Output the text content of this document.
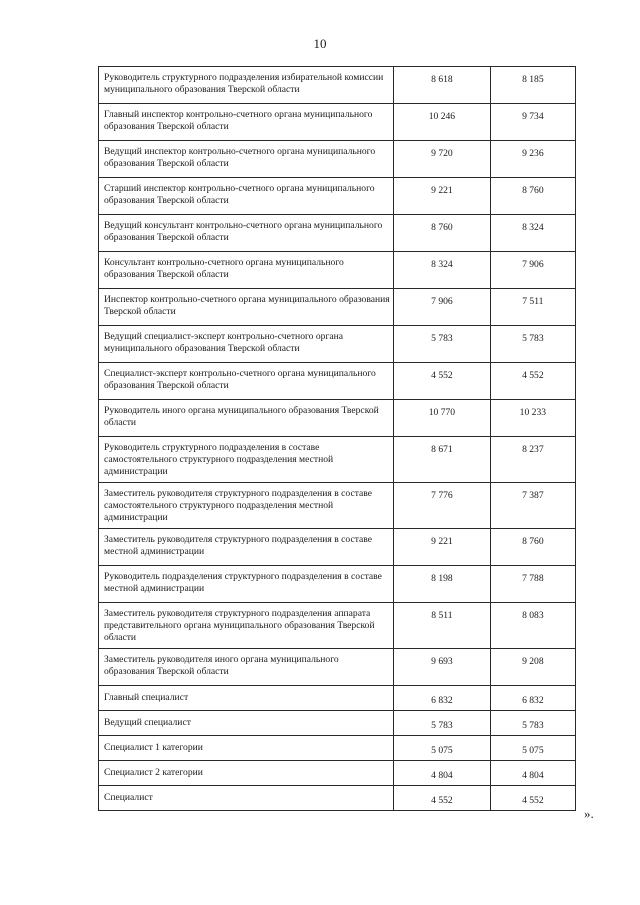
10
Руководитель структурного подразделения избирательной комиссии муниципального образования Тверской области	8 618	8 185
Главный инспектор контрольно-счетного органа муниципального образования Тверской области	10 246	9 734
Ведущий инспектор контрольно-счетного органа муниципального образования Тверской области	9 720	9 236
Старший инспектор контрольно-счетного органа муниципального образования Тверской области	9 221	8 760
Ведущий консультант контрольно-счетного органа муниципального образования Тверской области	8 760	8 324
Консультант контрольно-счетного органа муниципального образования Тверской области	8 324	7 906
Инспектор контрольно-счетного органа муниципального образования Тверской области	7 906	7 511
Ведущий специалист-эксперт контрольно-счетного органа муниципального образования Тверской области	5 783	5 783
Специалист-эксперт контрольно-счетного органа муниципального образования Тверской области	4 552	4 552
Руководитель иного органа муниципального образования Тверской области	10 770	10 233
Руководитель структурного подразделения в составе самостоятельного структурного подразделения местной администрации	8 671	8 237
Заместитель руководителя структурного подразделения в составе самостоятельного структурного подразделения местной администрации	7 776	7 387
Заместитель руководителя структурного подразделения в составе местной администрации	9 221	8 760
Руководитель подразделения структурного подразделения в составе местной администрации	8 198	7 788
Заместитель руководителя структурного подразделения аппарата представительного органа муниципального образования Тверской области	8 511	8 083
Заместитель руководителя иного органа муниципального образования Тверской области	9 693	9 208
Главный специалист	6 832	6 832
Ведущий специалист	5 783	5 783
Специалист 1 категории	5 075	5 075
Специалист 2 категории	4 804	4 804
Специалист	4 552	4 552
».
